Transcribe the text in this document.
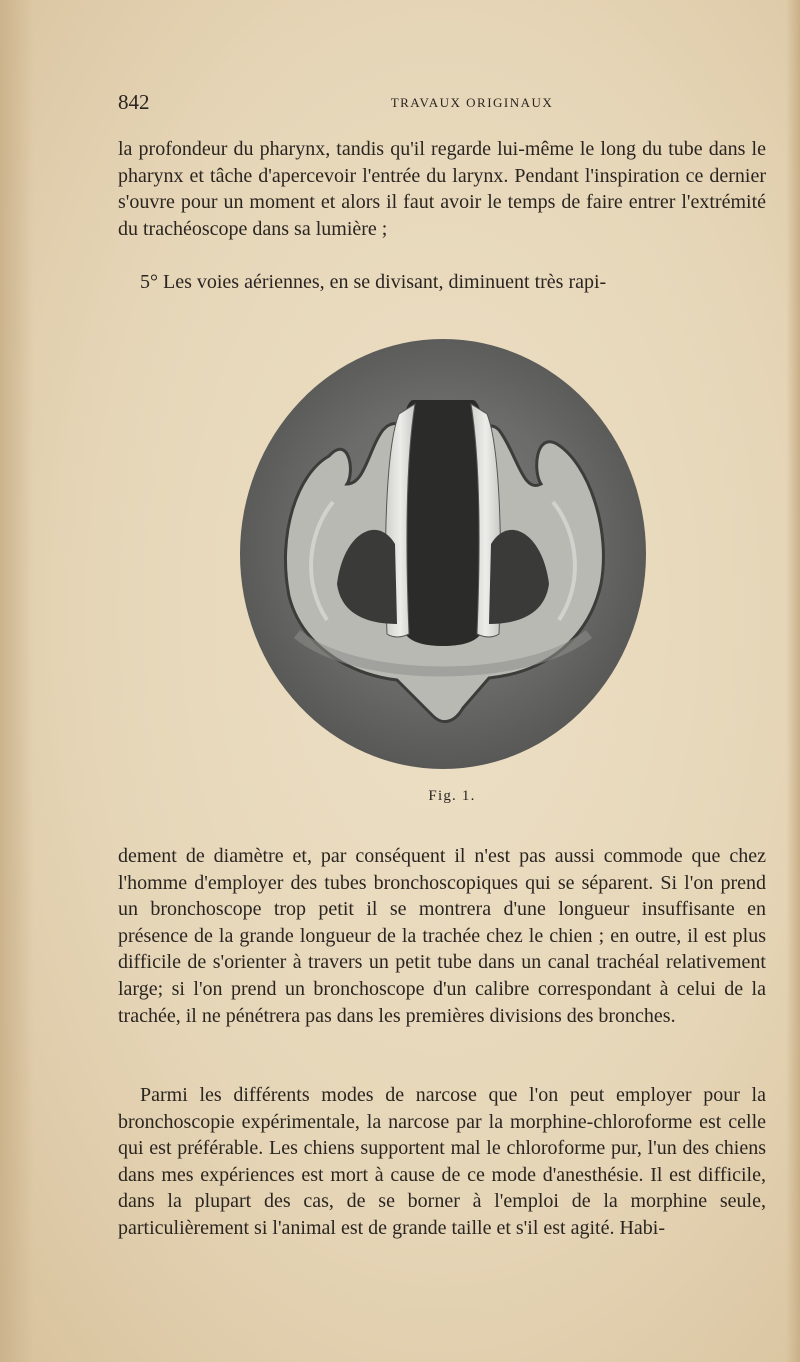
842	TRAVAUX ORIGINAUX
la profondeur du pharynx, tandis qu'il regarde lui-même le long du tube dans le pharynx et tâche d'apercevoir l'entrée du larynx. Pendant l'inspiration ce dernier s'ouvre pour un moment et alors il faut avoir le temps de faire entrer l'extrémité du trachéoscope dans sa lumière ;
5° Les voies aériennes, en se divisant, diminuent très rapi-
Fig. 1.
dement de diamètre et, par conséquent il n'est pas aussi commode que chez l'homme d'employer des tubes bronchoscopiques qui se séparent. Si l'on prend un bronchoscope trop petit il se montrera d'une longueur insuffisante en présence de la grande longueur de la trachée chez le chien ; en outre, il est plus difficile de s'orienter à travers un petit tube dans un canal trachéal relativement large; si l'on prend un bronchoscope d'un calibre correspondant à celui de la trachée, il ne pénétrera pas dans les premières divisions des bronches.
Parmi les différents modes de narcose que l'on peut employer pour la bronchoscopie expérimentale, la narcose par la morphine-chloroforme est celle qui est préférable. Les chiens supportent mal le chloroforme pur, l'un des chiens dans mes expériences est mort à cause de ce mode d'anesthésie. Il est difficile, dans la plupart des cas, de se borner à l'emploi de la morphine seule, particulièrement si l'animal est de grande taille et s'il est agité. Habi-
